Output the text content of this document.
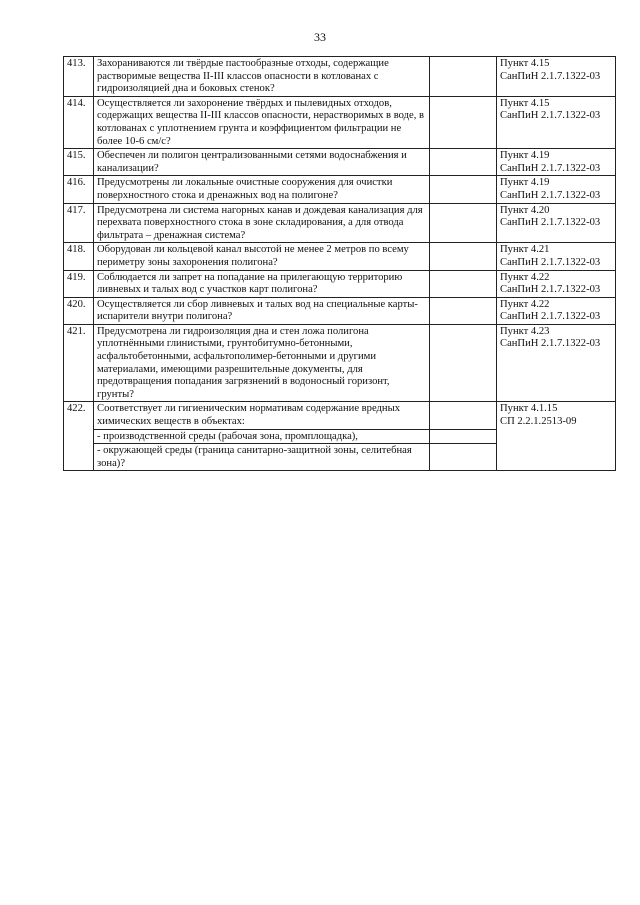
33
413.	Захораниваются ли твёрдые пастообразные отходы, содержащие растворимые вещества II-III классов опасности в котлованах с гидроизоляцией дна и боковых стенок?		Пункт 4.15
СанПиН 2.1.7.1322-03

414.	Осуществляется ли захоронение твёрдых и пылевидных отходов, содержащих вещества II-III классов опасности, нерастворимых в воде, в котлованах с уплотнением грунта и коэффициентом фильтрации не более 10-6 см/с?		Пункт 4.15
СанПиН 2.1.7.1322-03

415.	Обеспечен ли полигон централизованными сетями водоснабжения и канализации?		Пункт 4.19
СанПиН 2.1.7.1322-03

416.	Предусмотрены ли локальные очистные сооружения для очистки поверхностного стока и дренажных вод на полигоне?		Пункт 4.19
СанПиН 2.1.7.1322-03

417.	Предусмотрена ли система нагорных канав и дождевая канализация для перехвата поверхностного стока в зоне складирования, а для отвода фильтрата – дренажная система?		Пункт 4.20
СанПиН 2.1.7.1322-03

418.	Оборудован ли кольцевой канал высотой не менее 2 метров по всему периметру зоны захоронения полигона?		Пункт 4.21
СанПиН 2.1.7.1322-03

419.	Соблюдается ли запрет на попадание на прилегающую территорию ливневых и талых вод с участков карт полигона?		Пункт 4.22
СанПиН 2.1.7.1322-03

420.	Осуществляется ли сбор ливневых и талых вод на специальные карты-испарители внутри полигона?		Пункт 4.22
СанПиН 2.1.7.1322-03

421.	Предусмотрена ли гидроизоляция дна и стен ложа полигона уплотнёнными глинистыми, грунтобитумно-бетонными, асфальтобетонными, асфальтополимер-бетонными и другими материалами, имеющими разрешительные документы, для предотвращения попадания загрязнений в водоносный горизонт, грунты?		Пункт 4.23
СанПиН 2.1.7.1322-03

422.	Соответствует ли гигиеническим нормативам содержание вредных химических веществ в объектах:		Пункт 4.1.15
СП 2.2.1.2513-09

	- производственной среды (рабочая зона, промплощадка),		
	- окружающей среды (граница санитарно-защитной зоны, селитебная зона)?		
